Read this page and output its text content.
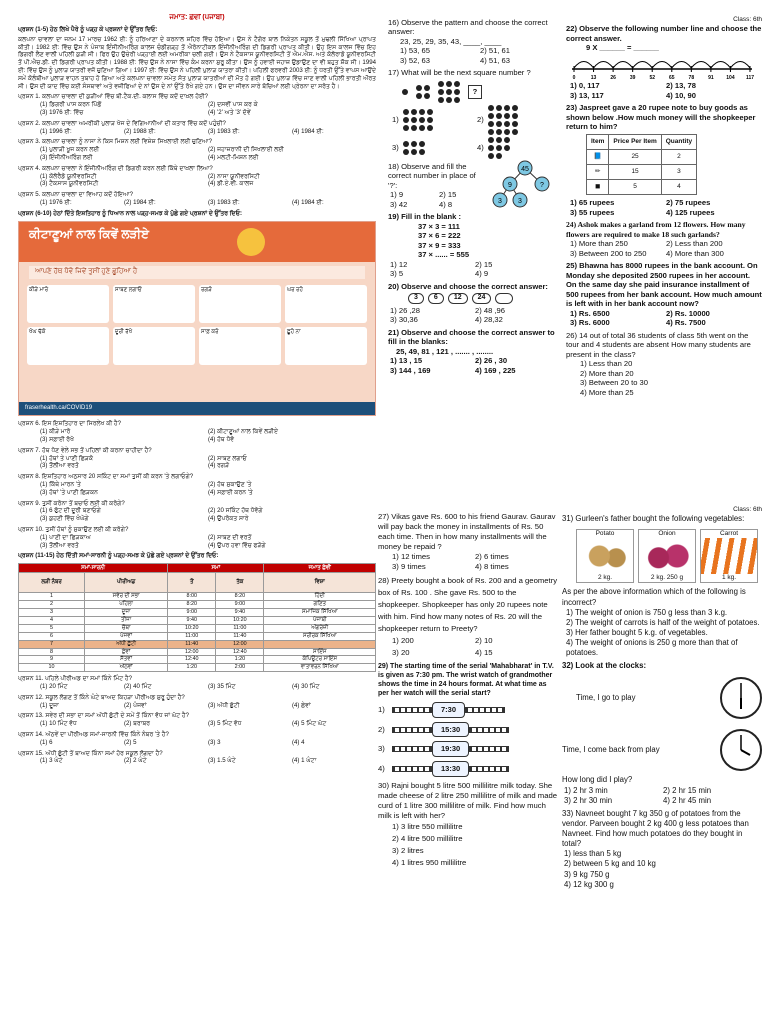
ਜਮਾਤ: ਛੇਵੀਂ (ਪੰਜਾਬੀ)
ਪ੍ਰਸ਼ਨ (1-5) ਹੇਠ ਲਿਖੇ ਪੈਰੇ ਨੂੰ ਪੜ੍ਹ ਕੇ ਪ੍ਰਸ਼ਨਾਂ ਦੇ ਉੱਤਰ ਦਿਓ:
ਕਲਪਨਾ ਚਾਵਲਾ ਦਾ ਜਨਮ 17 ਮਾਰਚ 1962 ਈ: ਨੂੰ ਹਰਿਆਣਾ ਦੇ ਕਰਨਾਲ ਸ਼ਹਿਰ ਵਿੱਚ ਹੋਇਆ। ਉਸ ਨੇ ਟੈਗੋਰ ਬਾਲ ਨਿਕੇਤਨ ਸਕੂਲ ਤੋਂ ਮੁਢਲੀ ਸਿੱਖਿਆ ਪ੍ਰਾਪਤ ਕੀਤੀ। 1982 ਈ: ਵਿੱਚ ਉਸ ਨੇ ਪੰਜਾਬ ਇੰਜੀਨੀਅਰਿੰਗ ਕਾਲਜ ਚੰਡੀਗੜ੍ਹ ਤੋਂ ਐਰੋਨਾਟੀਕਲ ਇੰਜੀਨੀਅਰਿੰਗ ਦੀ ਡਿਗਰੀ ਪ੍ਰਾਪਤ ਕੀਤੀ। ਉਹ ਇਸ ਕਾਲਜ ਵਿੱਚ ਇਹ ਡਿਗਰੀ ਲੈਣ ਵਾਲੀ ਪਹਿਲੀ ਕੁੜੀ ਸੀ। ਫਿਰ ਉਹ ਉਚੇਰੀ ਪੜ੍ਹਾਈ ਲਈ ਅਮਰੀਕਾ ਚਲੀ ਗਈ। ਉਸ ਨੇ ਟੈਕਸਾਸ ਯੂਨੀਵਰਸਿਟੀ ਤੋਂ ਐਮ.ਐਸ. ਅਤੇ ਕੋਲੋਰਾਡੋ ਯੂਨੀਵਰਸਿਟੀ ਤੋਂ ਪੀ.ਐਚ.ਡੀ. ਦੀ ਡਿਗਰੀ ਪ੍ਰਾਪਤ ਕੀਤੀ। 1988 ਈ: ਵਿੱਚ ਉਸ ਨੇ ਨਾਸਾ ਵਿੱਚ ਕੰਮ ਕਰਨਾ ਸ਼ੁਰੂ ਕੀਤਾ। ਉਸ ਨੂੰ ਹਵਾਈ ਜਹਾਜ਼ ਉਡਾਉਣ ਦਾ ਵੀ ਬਹੁਤ ਸ਼ੌਕ ਸੀ। 1994 ਈ: ਵਿੱਚ ਉਸ ਨੂੰ ਪੁਲਾੜ ਯਾਤਰੀ ਵਜੋਂ ਚੁਣਿਆ ਗਿਆ। 1997 ਈ: ਵਿੱਚ ਉਸ ਨੇ ਪਹਿਲੀ ਪੁਲਾੜ ਯਾਤਰਾ ਕੀਤੀ। ਪਹਿਲੀ ਫਰਵਰੀ 2003 ਈ: ਨੂੰ ਧਰਤੀ ਉੱਤੇ ਵਾਪਸ ਆਉਂਦੇ ਸਮੇਂ ਕੋਲੰਬੀਆ ਪੁਲਾੜ ਵਾਹਨ ਤਬਾਹ ਹੋ ਗਿਆ ਅਤੇ ਕਲਪਨਾ ਚਾਵਲਾ ਸਮੇਤ ਸੱਤ ਪੁਲਾੜ ਯਾਤਰੀਆਂ ਦੀ ਮੌਤ ਹੋ ਗਈ। ਉਹ ਪੁਲਾੜ ਵਿੱਚ ਜਾਣ ਵਾਲੀ ਪਹਿਲੀ ਭਾਰਤੀ ਔਰਤ ਸੀ। ਉਸ ਦੀ ਯਾਦ ਵਿੱਚ ਕਈ ਸੰਸਥਾਵਾਂ ਅਤੇ ਵਜ਼ੀਫਿਆਂ ਦੇ ਨਾਂ ਉਸ ਦੇ ਨਾਂ ਉੱਤੇ ਰੱਖੇ ਗਏ ਹਨ। ਉਸ ਦਾ ਜੀਵਨ ਸਾਰੇ ਬੱਚਿਆਂ ਲਈ ਪ੍ਰੇਰਨਾ ਦਾ ਸਰੋਤ ਹੈ।
ਪ੍ਰਸ਼ਨ 1. ਕਲਪਨਾ ਚਾਵਲਾ ਦੀ ਕੁੜੀਆਂ ਵਿੱਚ ਬੀ.ਟੈਕ.ਦੀ. ਕਲਾਸ ਵਿੱਚ ਕਦੋਂ ਦਾਖ਼ਲ ਹੋਈ?
(1) ਡਿਗਰੀ ਪਾਸ ਕਰਨ ਪਿੱਛੋਂ	(2) ਦਸਵੀਂ ਪਾਸ ਕਰ ਕੇ
(3) 1976 ਈ: ਵਿੱਚ	(4) '2' ਅਤੇ '3' ਦੋਵੇਂ
ਪ੍ਰਸ਼ਨ 2. ਕਲਪਨਾ ਚਾਵਲਾ ਅਮਰੀਕੀ ਪੁਲਾੜ ਖੋਜ ਦੇ ਵਿਗਿਆਨੀਆਂ ਦੀ ਕਤਾਰ ਵਿੱਚ ਕਦੋਂ ਪਹੁੰਚੀ?
(1) 1996 ਈ:	(2) 1988 ਈ:	(3) 1983 ਈ:	(4) 1984 ਈ:
ਪ੍ਰਸ਼ਨ 3. ਕਲਪਨਾ ਚਾਵਲਾ ਨੂੰ ਨਾਸਾ ਨੇ ਕਿਸ ਮਿਸ਼ਨ ਲਈ ਵਿਸ਼ੇਸ਼ ਸਿਖਲਾਈ ਲਈ ਚੁਣਿਆ?
(1) ਪੁਲਾੜੀ ਖੂਜ ਕਰਨ ਲਈ	(2) ਜਹਾਜ਼ਰਾਨੀ ਦੀ ਸਿਖਲਾਈ ਲਈ
(3) ਇੰਜੀਨੀਅਰਿੰਗ ਲਈ	(4) ਮਲਟੀ-ਮਿਸ਼ਨ ਲਈ
ਪ੍ਰਸ਼ਨ 4. ਕਲਪਨਾ ਚਾਵਲਾ ਨੇ ਇੰਜੀਨੀਅਰਿੰਗ ਦੀ ਡਿਗਰੀ ਕਰਨ ਲਈ ਕਿੱਥੇ ਦਾਖ਼ਲਾ ਲਿਆ?
(1) ਕੋਲੋਰੈਡੋ ਯੂਨੀਵਰਸਿਟੀ	(2) ਨਾਸਾ ਯੂਨੀਵਰਸਿਟੀ
(3) ਟੈਕਸਾਸ ਯੂਨੀਵਰਸਿਟੀ	(4) ਡੀ.ਏ.ਵੀ. ਕਾਲਜ
ਪ੍ਰਸ਼ਨ 5. ਕਲਪਨਾ ਚਾਵਲਾ ਦਾ ਵਿਆਹ ਕਦੋਂ ਹੋਇਆ?
(1) 1976 ਈ:	(2) 1984 ਈ:	(3) 1983 ਈ:	(4) 1984 ਈ:
ਪ੍ਰਸ਼ਨ (6-10) ਹੇਠਾਂ ਦਿੱਤੇ ਇਸ਼ਤਿਹਾਰ ਨੂੰ ਧਿਆਨ ਨਾਲ ਪੜ੍ਹ-ਸਮਝ ਕੇ ਪੁੱਛੇ ਗਏ ਪ੍ਰਸ਼ਨਾਂ ਦੇ ਉੱਤਰ ਦਿਓ:
ਕੀਟਾਣੂਆਂ ਨਾਲ ਕਿਵੇਂ ਲੜੀਏ
ਆਪਣੇ ਹੱਥ ਧੋਵੋ ਜਿਵੇਂ ਤੁਸੀਂ ਹੁਣੇ ਛੂਹਿਆ ਹੈ
ਕੀੜੇ ਮਾਰੋ	ਸਾਬਣ ਲਗਾਓ	ਰਗੜੋ	ਘਰ ਰਹੋ
ਖੰਘ ਢੱਕੋ	ਦੂਰੀ ਰੱਖੋ	ਸਾਫ਼ ਕਰੋ	ਛੂਹੋ ਨਾ
fraserhealth.ca/COVID19
ਪ੍ਰਸ਼ਨ 6. ਇਸ ਇਸ਼ਤਿਹਾਰ ਦਾ ਸਿਰਲੇਖ ਕੀ ਹੈ?
(1) ਕੀੜੇ ਮਾਰੋ	(2) ਕੀਟਾਣੂਆਂ ਨਾਲ ਕਿਵੇਂ ਲੜੀਏ
(3) ਸਫ਼ਾਈ ਰੱਖੋ	(4) ਹੱਥ ਧੋਵੋ
ਪ੍ਰਸ਼ਨ 7. ਹੱਥ ਧੋਣ ਵੇਲੇ ਸਭ ਤੋਂ ਪਹਿਲਾਂ ਕੀ ਕਰਨਾ ਚਾਹੀਦਾ ਹੈ?
(1) ਹੱਥਾਂ ਤੇ ਪਾਣੀ ਛਿੜਕੋ	(2) ਸਾਬਣ ਲਗਾਓ
(3) ਤੌਲੀਆ ਵਰਤੋ	(4) ਰਗੜੋ
ਪ੍ਰਸ਼ਨ 8. ਇਸ਼ਤਿਹਾਰ ਅਨੁਸਾਰ 20 ਸਕਿੰਟ ਦਾ ਸਮਾਂ ਤੁਸੀਂ ਕੀ ਕਰਨ 'ਤੇ ਲਗਾਓਗੇ?
(1) ਕਿੱਥੇ ਮਾਰਨ 'ਤੇ	(2) ਹੱਥ ਸੁਕਾਉਣ 'ਤੇ
(3) ਹੱਥਾਂ 'ਤੇ ਪਾਣੀ ਛਿੜਕਨ	(4) ਸਫ਼ਾਈ ਕਰਨ 'ਤੇ
ਪ੍ਰਸ਼ਨ 9. ਤੁਸੀਂ ਕਰੋਨਾ ਤੋਂ ਬਚਾਓ ਲਈ ਕੀ ਕਰੋਗੇ?
(1) 6 ਫੁੱਟ ਦੀ ਦੂਰੀ ਬਣਾਓਗੇ	(2) 20 ਸਕਿੰਟ ਹੱਥ ਧੋਵੋਗੇ
(3) ਕੁਹਣੀ ਵਿੱਚ ਖੰਘੋਗੇ	(4) ਉਪਰੋਕਤ ਸਾਰੇ
ਪ੍ਰਸ਼ਨ 10. ਤੁਸੀਂ ਹੱਥਾਂ ਨੂੰ ਸੁਕਾਉਣ ਲਈ ਕੀ ਕਰੋਗੇ?
(1) ਪਾਣੀ ਦਾ ਛਿੜਕਾਅ	(2) ਸਾਬਣ ਦੀ ਵਰਤੋਂ
(3) ਤੌਲੀਆ ਵਰਤੋ	(4) ਉਪਰ ਹਵਾ ਵਿੱਚ ਫੜੋਗੇ
ਪ੍ਰਸ਼ਨ (11-15) ਹੇਠ ਦਿੱਤੀ ਸਮਾਂ-ਸਾਰਨੀ ਨੂੰ ਪੜ੍ਹ-ਸਮਝ ਕੇ ਪੁੱਛੇ ਗਏ ਪ੍ਰਸ਼ਨਾਂ ਦੇ ਉੱਤਰ ਦਿਓ:
ਸਮਾਂ-ਸਾਰਨੀ		ਸਮਾਂ		ਜਮਾਤ ਛੇਵੀਂ
ਲੜੀ ਨੰਬਰ	ਪੀਰੀਅਡ	ਤੋਂ	ਤੱਕ	ਵਿਸ਼ਾ
1	ਸਵੇਰ ਦੀ ਸਭਾ	8:00	8:20	ਹਿੰਦੀ
2	ਪਹਿਲਾ	8:20	9:00	ਗਣਿਤ
3	ਦੂਜਾ	9:00	9:40	ਸਮਾਜਿਕ ਸਿੱਖਿਆ
4	ਤੀਜਾ	9:40	10:20	ਪੰਜਾਬੀ
5	ਚੌਥਾ	10:20	11:00	ਅੰਗਰੇਜ਼ੀ
6	ਪੰਜਵਾਂ	11:00	11:40	ਸਰੀਰਕ ਸਿੱਖਿਆ
7	ਅੱਧੀ ਛੁੱਟੀ	11:40	12:00	
8	ਛੇਵਾਂ	12:00	12:40	ਸਾਇੰਸ
9	ਸੱਤਵਾਂ	12:40	1:20	ਕੰਪਿਊਟਰ ਸਾਇੰਸ
10	ਅੱਠਵਾਂ	1:20	2:00	ਵਾਤਾਵਰਨ ਸਿੱਖਿਆ
ਪ੍ਰਸ਼ਨ 11. ਪਹਿਲੇ ਪੀਰੀਅਡ ਦਾ ਸਮਾਂ ਕਿੰਨੇ ਮਿੰਟ ਹੈ?
(1) 20 ਮਿੰਟ	(2) 40 ਮਿੰਟ	(3) 35 ਮਿੰਟ	(4) 30 ਮਿੰਟ
ਪ੍ਰਸ਼ਨ 12. ਸਕੂਲ ਲੱਗਣ ਤੋਂ ਕਿੰਨੇ ਘੰਟੇ ਬਾਅਦ ਕਿਹੜਾ ਪੀਰੀਅਡ ਸ਼ੁਰੂ ਹੁੰਦਾ ਹੈ?
(1) ਦੂਜਾ	(2) ਪੰਜਵਾਂ	(3) ਅੱਧੀ ਛੁੱਟੀ	(4) ਛੇਵਾਂ
ਪ੍ਰਸ਼ਨ 13. ਸਵੇਰ ਦੀ ਸਭਾ ਦਾ ਸਮਾਂ ਅੱਧੀ ਛੁੱਟੀ ਦੇ ਸਮੇਂ ਤੋਂ ਕਿੰਨਾ ਵੱਧ ਜਾਂ ਘੱਟ ਹੈ?
(1) 10 ਮਿੰਟ ਵੱਧ	(2) ਬਰਾਬਰ	(3) 5 ਮਿੰਟ ਵੱਧ	(4) 5 ਮਿੰਟ ਘੱਟ
ਪ੍ਰਸ਼ਨ 14. ਅੱਠਵੇਂ ਦਾ ਪੀਰੀਅਡ ਸਮਾਂ-ਸਾਰਨੀ ਵਿੱਚ ਕਿੰਨੇ ਨੰਬਰ 'ਤੇ ਹੈ?
(1) 6	(2) 5	(3) 3	(4) 4
ਪ੍ਰਸ਼ਨ 15. ਅੱਧੀ ਛੁੱਟੀ ਤੋਂ ਬਾਅਦ ਕਿੰਨਾ ਸਮਾਂ ਹੋਰ ਸਕੂਲ ਲੱਗਦਾ ਹੈ?
(1) 3 ਘੰਟੇ	(2) 2 ਘੰਟੇ	(3) 1.5 ਘੰਟੇ	(4) 1 ਘੰਟਾ
16) Observe the pattern and choose the correct answer:
23, 25, 29, 35, 43, ____, ____
1) 53, 65	2) 51, 61
3) 52, 63	4) 51, 63
17) What will be the next square number ?
?
1)	2)
3)	4)
18) Observe and fill the correct number in place of '?':
45
9	?
3 3
1) 9	2) 15
3) 42	4) 8
19) Fill in the blank :
37 × 3 = 111
37 × 6 = 222
37 × 9 = 333
37 × ...... = 555
1) 12	2) 15
3) 5	4) 9
20) Observe and choose the correct answer:
3	6	12	24

1) 26 ,28	2) 48 ,96
3) 30,36	4) 28,32
21) Observe and choose the correct answer to fill in the blanks:
25, 49, 81 , 121 , ....... , ........
1) 13 , 15	2) 26 , 30
3) 144 , 169	4) 169 , 225
Class: 6th
22) Observe the following number line and choose the correct answer.
9 X ______ = ______
0	13	26	39	52	65	78	91	104 117
1) 0, 117	2) 13, 78
3) 13, 117	4) 10, 90
23) Jaspreet gave a 20 rupee note to buy goods as shown below .How much money will the shopkeeper return to him?
Item	Price Per Item	Quantity
📘	25	2
✏	15	3
◼	5	4
1) 65 rupees	2) 75 rupees
3) 55 rupees	4) 125 rupees
24) Ashok makes a garland from 12 flowers. How many flowers are required to make 18 such garlands?
1) More than 250	2) Less than 200
3) Between 200 to 250	4) More than 300
25) Bhawna has 8000 rupees in the bank account. On Monday she deposited 2500 rupees in her account. On the same day she paid insurance installment of 500 rupees from her bank account. How much amount is left with in her bank account now?
1) Rs. 6500	2) Rs. 10000
3) Rs. 6000	4) Rs. 7500
26) 14 out of total 36 students of class 5th went on the tour and 4 students are absent How many students are present in the class?
1) Less than 20
2) More than 20
3) Between 20 to 30
4) More than 25
27) Vikas gave Rs. 600 to his friend Gaurav. Gaurav will pay back the money in installments of Rs. 50 each time. Then in how many installments will the money be repaid ?
1) 12 times	2) 6 times
3) 9 times	4) 8 times
28) Preety bought a book of Rs. 200 and a geometry box of Rs. 100 . She gave Rs. 500 to the shopkeeper. Shopkeeper has only 20 rupees note with him. Find how many notes of Rs. 20 will the shopkeeper return to Preety?
1) 200	2) 10
3) 20	4) 15
29) The starting time of the serial 'Mahabharat' in T.V. is given as 7:30 pm. The wrist watch of grandmother shows the time in 24 hours format. At what time as per her watch will the serial start?
1)	7:30
2)	15:30
3)	19:30
4)	13:30
30) Rajni bought 5 litre 500 millilitre milk today. She made cheese of 2 litre 250 millilitre of milk and made curd of 1 litre 300 millilitre of milk. Find how much milk is left with her?
1) 3 litre 550 millilitre
2) 4 litre 500 millilitre
3) 2 litres
4) 1 litres 950 millilitre
Class: 6th
31) Gurleen's father bought the following vegetables:
Potato
2 kg.
Onion
2 kg. 250 g
Carrot
1 kg.
As per the above information which of the following is incorrect?
1) The weight of onion is 750 g less than 3 k.g.
2) The weight of carrots is half of the weight of potatoes.
3) Her father bought 5 k.g. of vegetables.
4) The weight of onions is 250 g more than that of potatoes.
32) Look at the clocks:
Time, I go to play
Time, I come back from play
How long did I play?
1) 2 hr 3 min	2) 2 hr 15 min
3) 2 hr 30 min	4) 2 hr 45 min
33) Navneet bought 7 kg 350 g of potatoes from the vendor. Parveen bought 2 kg 400 g less potatoes than Navneet. Find how much potatoes do they bought in total?
1) less than 5 kg
2) between 5 kg and 10 kg
3) 9 kg 750 g
4) 12 kg 300 g
